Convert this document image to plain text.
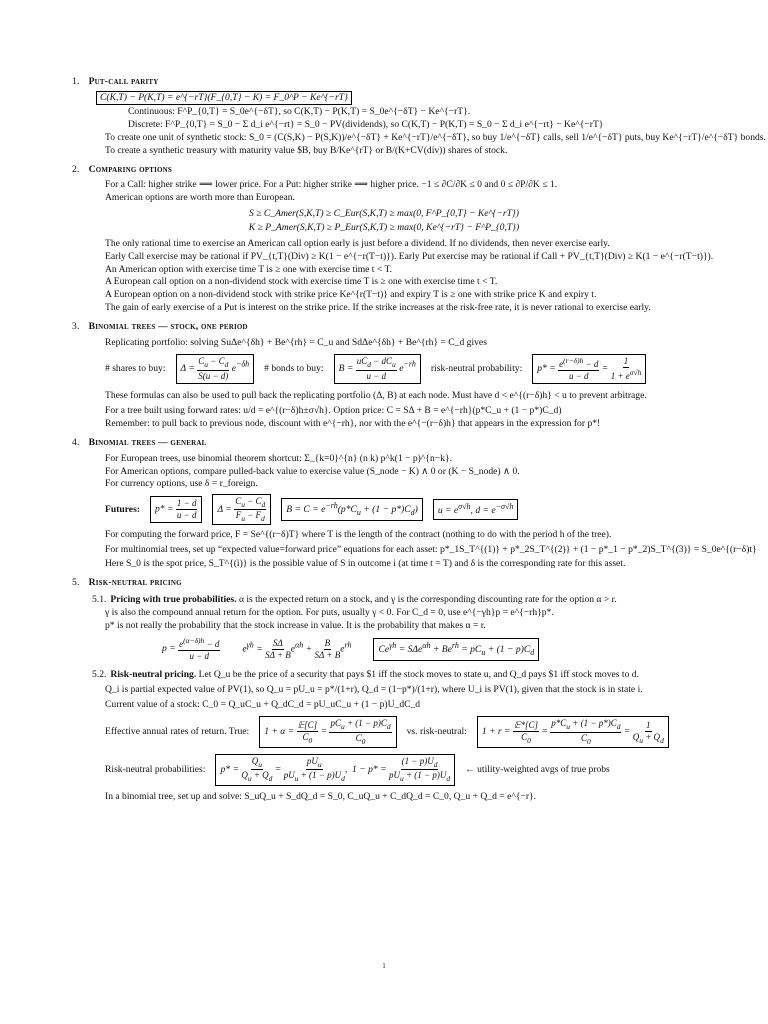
1. Put-call parity
C(K,T) − P(K,T) = e^{−rT}(F_{0,T} − K) = F_0^P − Ke^{−rT}
Continuous: F^P_{0,T} = S_0e^{−δT}, so C(K,T) − P(K,T) = S_0e^{−δT} − Ke^{−rT}.
Discrete: F^P_{0,T} = S_0 − Σ d_i e^{−rt} = S_0 − PV(dividends), so C(K,T) − P(K,T) = S_0 − Σ d_i e^{−rt} − Ke^{−rT}
To create one unit of synthetic stock: S_0 = (C(S,K) − P(S,K))/e^{−δT} + Ke^{−rT}/e^{−δT}, so buy 1/e^{−δT} calls, sell 1/e^{−δT} puts, buy Ke^{−rT}/e^{−δT} bonds.
To create a synthetic treasury with maturity value $B, buy B/Ke^{rT} or B/(K+CV(div)) shares of stock.
2. Comparing options
For a Call: higher strike ⟹ lower price. For a Put: higher strike ⟹ higher price. −1 ≤ ∂C/∂K ≤ 0 and 0 ≤ ∂P/∂K ≤ 1.
American options are worth more than European.
S ≥ C_Amer(S,K,T) ≥ C_Eur(S,K,T) ≥ max(0, F^P_{0,T} − Ke^{−rT})
K ≥ P_Amer(S,K,T) ≥ P_Eur(S,K,T) ≥ max(0, Ke^{−rT} − F^P_{0,T})
The only rational time to exercise an American call option early is just before a dividend. If no dividends, then never exercise early.
Early Call exercise may be rational if PV_{t,T}(Div) ≥ K(1 − e^{−r(T−t)}). Early Put exercise may be rational if Call + PV_{t,T}(Div) ≥ K(1 − e^{−r(T−t)}).
An American option with exercise time T is ≥ one with exercise time t < T.
A European call option on a non-dividend stock with exercise time T is ≥ one with exercise time t < T.
A European option on a non-dividend stock with strike price Ke^{r(T−t)} and expiry T is ≥ one with strike price K and expiry t.
The gain of early exercise of a Put is interest on the strike price. If the strike increases at the risk-free rate, it is never rational to exercise early.
3. Binomial trees — stock, one period
Replicating portfolio: solving SuΔe^{δh} + Be^{rh} = C_u and SdΔe^{δh} + Be^{rh} = C_d gives
# shares to buy:	$\Delta = \frac{C_u - C_d}{S(u - d)} e^{-\delta h}$	# bonds to buy:	$B = \frac{uC_d - dC_u}{u - d} e^{-rh}$	risk-neutral probability:	$p* = \frac{e^{(r-\delta)h} - d}{u - d} = \frac{1}{1 + e^{\sigma√h}}$
These formulas can also be used to pull back the replicating portfolio (Δ, B) at each node. Must have d < e^{(r−δ)h} < u to prevent arbitrage.
For a tree built using forward rates: u/d = e^{(r−δ)h±σ√h}. Option price: C = SΔ + B = e^{−rh}(p*C_u + (1 − p*)C_d)
Remember: to pull back to previous node, discount with e^{−rh}, nor with the e^{−(r−δ)h} that appears in the expression for p*!
4. Binomial trees — general
For European trees, use binomial theorem shortcut: Σ_{k=0}^{n} (n k) p^k(1 − p)^{n−k}.
For American options, compare pulled-back value to exercise value (S_node − K) ∧ 0 or (K − S_node) ∧ 0.
For currency options, use δ = r_foreign.
Futures:	$p* = \frac{1 - d}{u - d}$	$\Delta = \frac{C_u - C_d}{F_u - F_d}$	$B = C = e^{-rh}(p*C_u + (1 - p*)C_d)$	$u = e^{\sigma√h}$, $d = e^{-\sigma√h}$
For computing the forward price, F = Se^{(r−δ)T} where T is the length of the contract (nothing to do with the period h of the tree).
For multinomial trees, set up “expected value=forward price” equations for each asset: p*_1S_T^{(1)} + p*_2S_T^{(2)} + (1 − p*_1 − p*_2)S_T^{(3)} = S_0e^{(r−δ)t}
Here S_0 is the spot price, S_T^{(i)} is the possible value of S in outcome i (at time t = T) and δ is the corresponding rate for this asset.
5. Risk-neutral pricing
5.1. Pricing with true probabilities. α is the expected return on a stock, and γ is the corresponding discounting rate for the option α > r.
γ is also the compound annual return for the option. For puts, usually γ < 0. For C_d = 0, use e^{−γh}p = e^{−rh}p*.
p* is not really the probability that the stock increase in value. It is the probability that makes α = r.
$p = \frac{e^{(\alpha-\delta)h} - d}{u - d} e^{\gamma h} = \frac{S\Delta}{S\Delta + B} e^{\alpha h} + \frac{B}{S\Delta + B} e^{rh}$	$Ce^{\gamma h} = S\Delta e^{\alpha h} + Be^{rh} = pC_u + (1 - p)C_d$
5.2. Risk-neutral pricing. Let Q_u be the price of a security that pays $1 iff the stock moves to state u, and Q_d pays $1 iff stock moves to d.
Q_i is partial expected value of PV(1), so Q_u = pU_u = p*/(1+r), Q_d = (1−p*)/(1+r), where U_i is PV(1), given that the stock is in state i.
Current value of a stock: C_0 = Q_uC_u + Q_dC_d = pU_uC_u + (1 − p)U_dC_d
Effective annual rates of return. True:	$1 + \alpha = \frac{\text{𝔼[C]}}{C_0} = \frac{pC_u + (1 - p)C_d}{C_0}$ vs. risk-neutral:	$1 + r = \frac{\text{𝔼*[C]}}{C_0} = \frac{p*C_u + (1 - p*)C_d}{C_0} = \frac{1}{Q_u + Q_d}$
Risk-neutral probabilities:	$p* = \frac{Q_u}{Q_u + Q_d} = \frac{pU_u}{pU_u + (1 - p)U_d}$ ,  $1 - p* = \frac{(1 - p)U_d}{pU_u + (1 - p)U_d}$ ← utility-weighted avgs of true probs
In a binomial tree, set up and solve: S_uQ_u + S_dQ_d = S_0, C_uQ_u + C_dQ_d = C_0, Q_u + Q_d = e^{−r}.
1
